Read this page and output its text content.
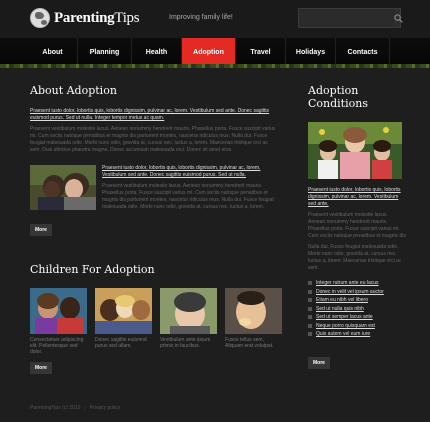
ParentingTips	Improving family life!
About	Planning	Health	Adoption	Travel	Holidays	Contacts
About Adoption
Praesent iusto dolor, lobortis quis, lobortis dignissim, pulvinar ac, lorem. Vestibulum sed ante. Donec sagittis euismod purus. Sed ut nulla. Integer tempor metus ac quam.
Praesent vestibulum molestie lacus. Aenean nonummy hendrerit mauris. Phasellus porta. Fusce suscipit varius mi. Cum sociis natoque penatibus et magnis dis parturient montes, nascetur ridiculus mus. Nulla dui. Fusce feugiat malesuada odio. Morbi nunc odio, gravida at, cursus nec, luctus a, lorem. Maecenas tristique orci ac sem. Duis ultricies pharetra magna. Donec accumsan malesuada orci. Donec sit amet eros.
Praesent iusto dolor, lobortis quis, lobortis dignissim, pulvinar ac, lorem. Vestibulum sed ante. Donec sagittis euismod purus. Sed ut nulla.
Praesent vestibulum molestie lacus. Aenean nonummy hendrerit mauris. Phasellus porta. Fusce suscipit varius mi. Cum sociis natoque penatibus et magnis dis parturient montes, nascetur ridiculus mus. Nulla dui. Fusce feugiat malesuada odio. Morbi nunc odio, gravida at, cursus nec, luctus a, lorem.
More
Children For Adoption
Consectetuer adipiscing elit. Pellentesque sed dolor.
Donec sagittis euismod purus sed ullam.
Vestibulum ante ipsum primis in faucibus.
Fusce tellus sem, Aliquam erat volutpat.
More
Adoption
Conditions
Praesent iusto dolor, lobortis quis, lobortis dignissim, pulvinar ac, lorem. Vestibulum sed ante.
Praesent vestibulum molestie lacus. Aenean nonummy hendrerit mauris. Phasellus porta. Fusce suscipit varius mi. Cum sociis natoque penatibus et magnis dis
Nulla dui. Fusce feugiat malesuada odio. Morbi nunc odio, gravida at, cursus nec, luctus a, lorem. Maecenas tristique orci ac sem.
Integer rutrum ante eu lacus
Donec in velit vel ipsum auctor
Etiam eu nibh vel libero
Sed ut nulla quis nibh
Sed ut semper lacus ante
Neque porro quisquam est
Quis autem vel eum iure
More
ParentingTips (c) 2010 | Privacy policy
